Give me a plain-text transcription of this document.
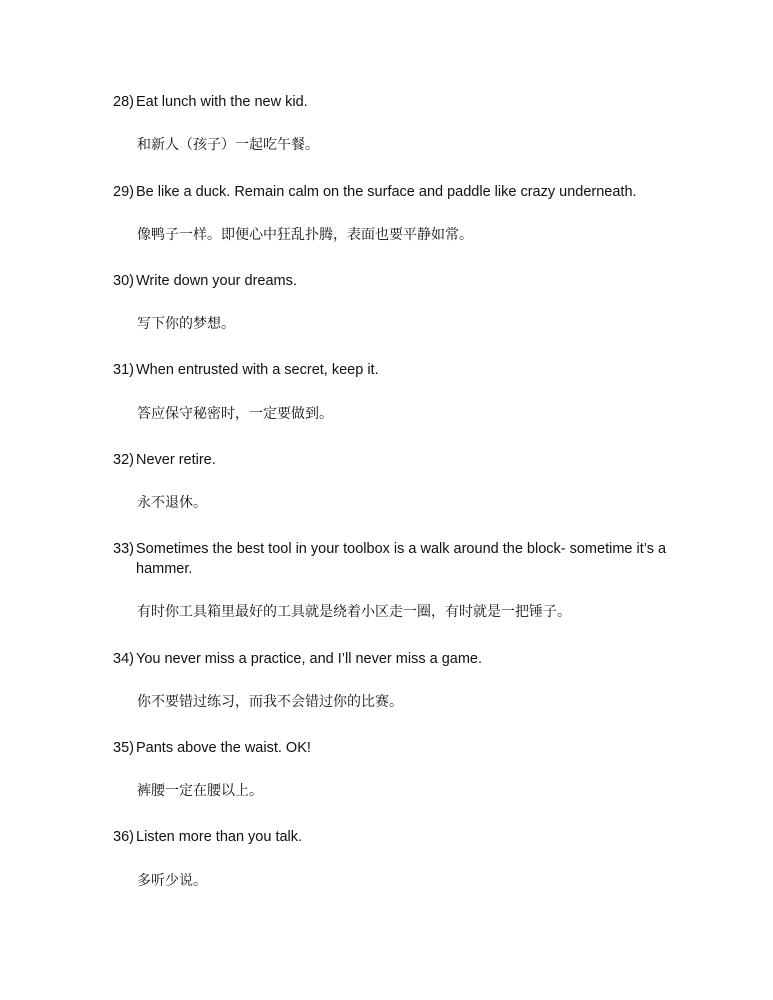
28) Eat lunch with the new kid.
和新人（孩子）一起吃午餐。
29) Be like a duck. Remain calm on the surface and paddle like crazy underneath.
像鸭子一样。即便心中狂乱扑腾，表面也要平静如常。
30) Write down your dreams.
写下你的梦想。
31) When entrusted with a secret, keep it.
答应保守秘密时，一定要做到。
32) Never retire.
永不退休。
33) Sometimes the best tool in your toolbox is a walk around the block- sometime it’s a hammer.
有时你工具箱里最好的工具就是绕着小区走一圈，有时就是一把锤子。
34) You never miss a practice, and I’ll never miss a game.
你不要错过练习，而我不会错过你的比赛。
35) Pants above the waist. OK!
裤腰一定在腰以上。
36) Listen more than you talk.
多听少说。
